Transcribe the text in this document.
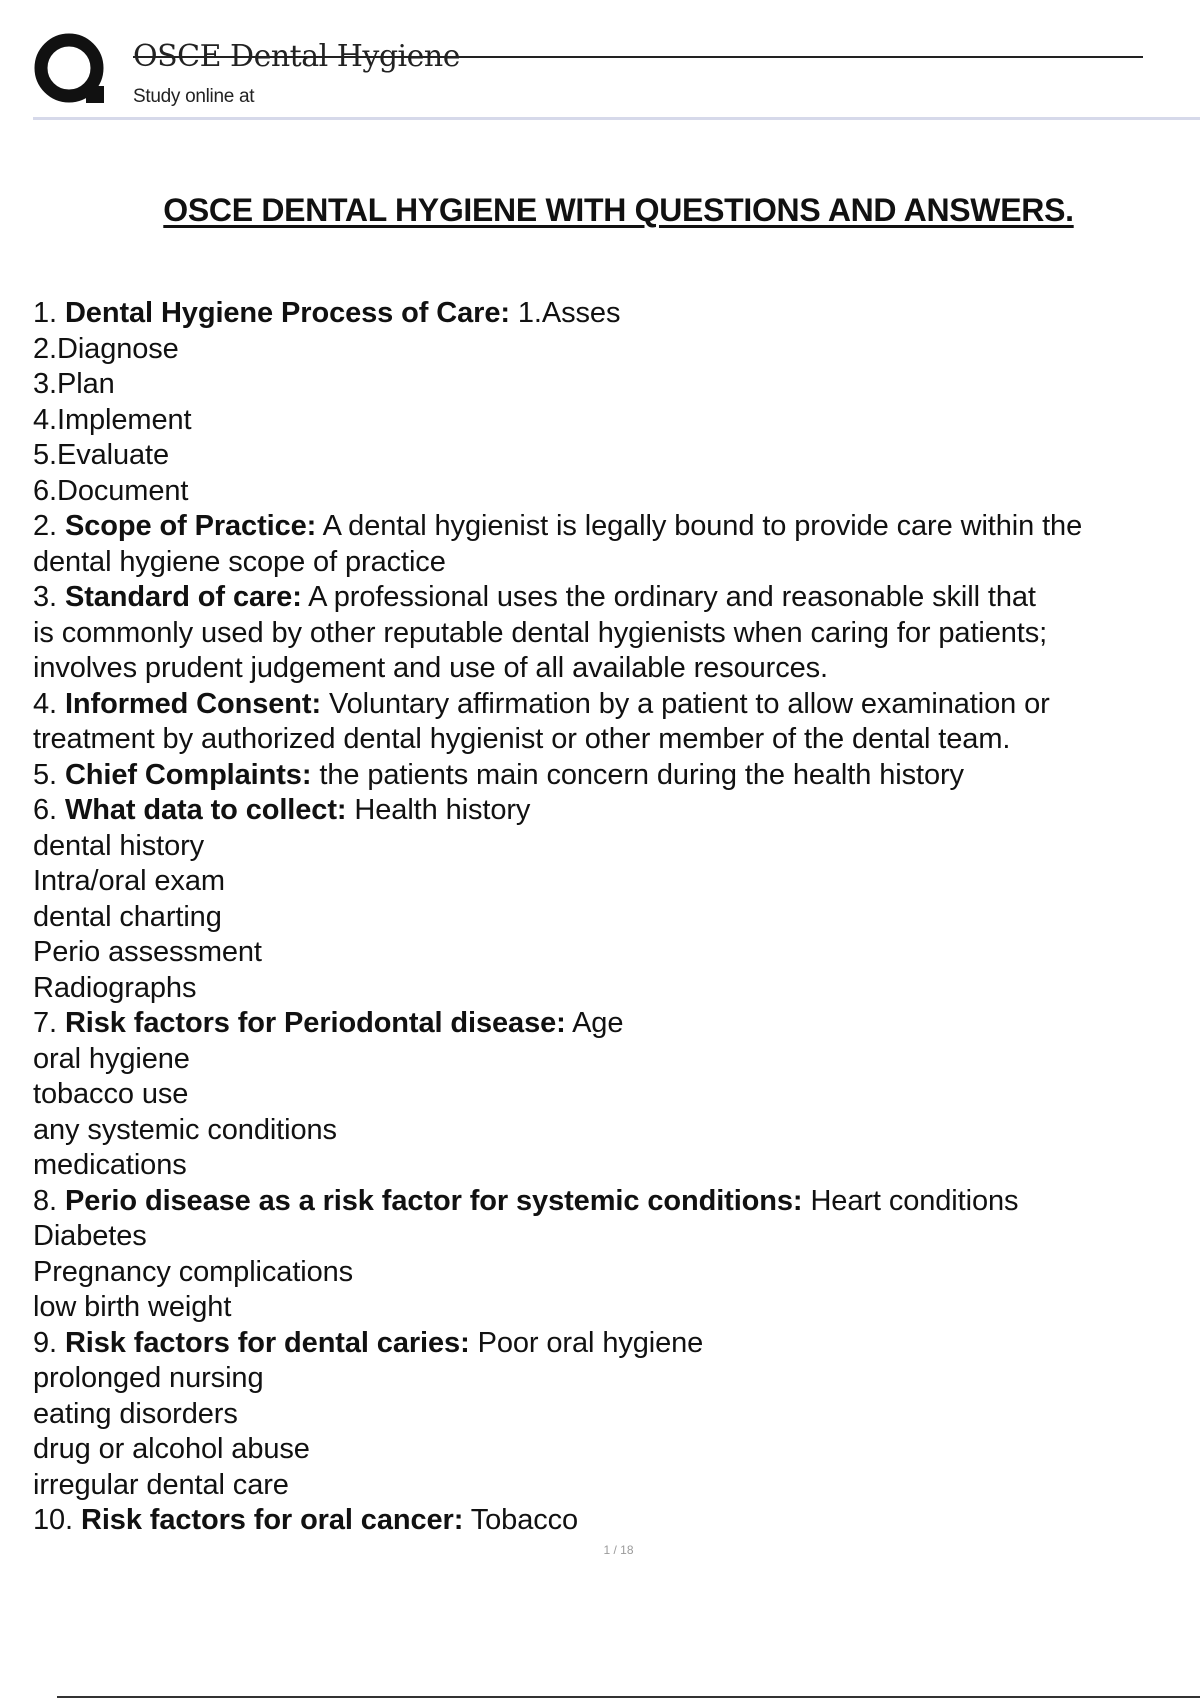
OSCE Dental Hygiene
Study online at
OSCE DENTAL HYGIENE WITH QUESTIONS AND ANSWERS.
1. Dental Hygiene Process of Care: 1.Asses
2.Diagnose
3.Plan
4.Implement
5.Evaluate
6.Document
2. Scope of Practice: A dental hygienist is legally bound to provide care within the
dental hygiene scope of practice
3. Standard of care: A professional uses the ordinary and reasonable skill that
is commonly used by other reputable dental hygienists when caring for patients;
involves prudent judgement and use of all available resources.
4. Informed Consent: Voluntary affirmation by a patient to allow examination or
treatment by authorized dental hygienist or other member of the dental team.
5. Chief Complaints: the patients main concern during the health history
6. What data to collect: Health history
dental history
Intra/oral exam
dental charting
Perio assessment
Radiographs
7. Risk factors for Periodontal disease: Age
oral hygiene
tobacco use
any systemic conditions
medications
8. Perio disease as a risk factor for systemic conditions: Heart conditions
Diabetes
Pregnancy complications
low birth weight
9. Risk factors for dental caries: Poor oral hygiene
prolonged nursing
eating disorders
drug or alcohol abuse
irregular dental care
10. Risk factors for oral cancer: Tobacco
1 / 18
